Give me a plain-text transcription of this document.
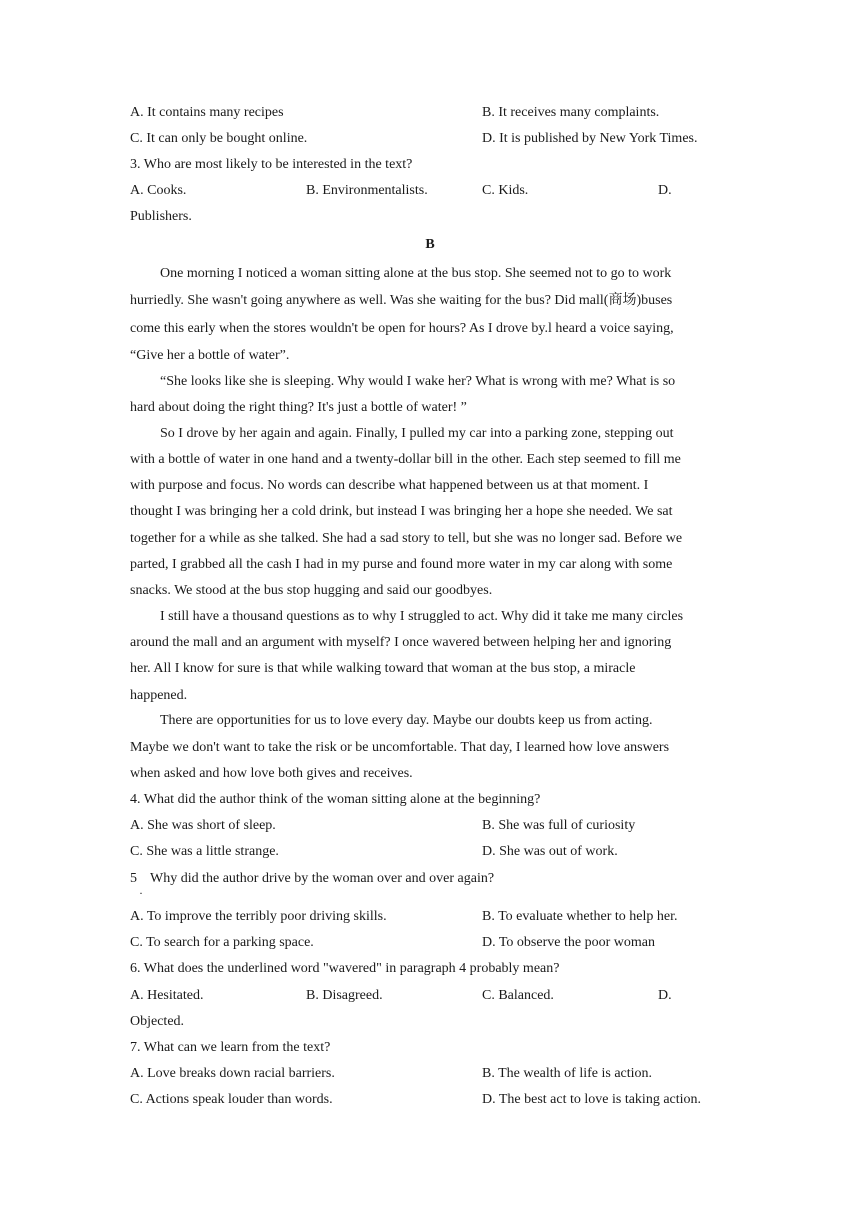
A. It contains many recipes	B. It receives many complaints.
C. It can only be bought online.	D. It is published by New York Times.
3. Who are most likely to be interested in the text?
A. Cooks.	B. Environmentalists.	C. Kids.	D.
Publishers.
B
One morning I noticed a woman sitting alone at the bus stop. She seemed not to go to work
hurriedly. She wasn't going anywhere as well. Was she waiting for the bus? Did mall(商场)buses
come this early when the stores wouldn't be open for hours? As I drove by.l heard a voice saying,
“Give her a bottle of water”.
“She looks like she is sleeping. Why would I wake her? What is wrong with me? What is so
hard about doing the right thing? It's just a bottle of water! ”
So I drove by her again and again. Finally, I pulled my car into a parking zone, stepping out
with a bottle of water in one hand and a twenty-dollar bill in the other. Each step seemed to fill me
with purpose and focus. No words can describe what happened between us at that moment. I
thought I was bringing her a cold drink, but instead I was bringing her a hope she needed. We sat
together for a while as she talked. She had a sad story to tell, but she was no longer sad. Before we
parted, I grabbed all the cash I had in my purse and found more water in my car along with some
snacks. We stood at the bus stop hugging and said our goodbyes.
I still have a thousand questions as to why I struggled to act. Why did it take me many circles
around the mall and an argument with myself? I once wavered between helping her and ignoring
her. All I know for sure is that while walking toward that woman at the bus stop, a miracle
happened.
There are opportunities for us to love every day. Maybe our doubts keep us from acting.
Maybe we don't want to take the risk or be uncomfortable. That day, I learned how love answers
when asked and how love both gives and receives.
4. What did the author think of the woman sitting alone at the beginning?
A. She was short of sleep.	B. She was full of curiosity
C. She was a little strange.	D. She was out of work.
5
·
Why did the author drive by the woman over and over again?
A. To improve the terribly poor driving skills.	B. To evaluate whether to help her.
C. To search for a parking space.	D. To observe the poor woman
6. What does the underlined word "wavered" in paragraph 4 probably mean?
A. Hesitated.	B. Disagreed.	C. Balanced.	D.
Objected.
7. What can we learn from the text?
A. Love breaks down racial barriers.	B. The wealth of life is action.
C. Actions speak louder than words.	D. The best act to love is taking action.
